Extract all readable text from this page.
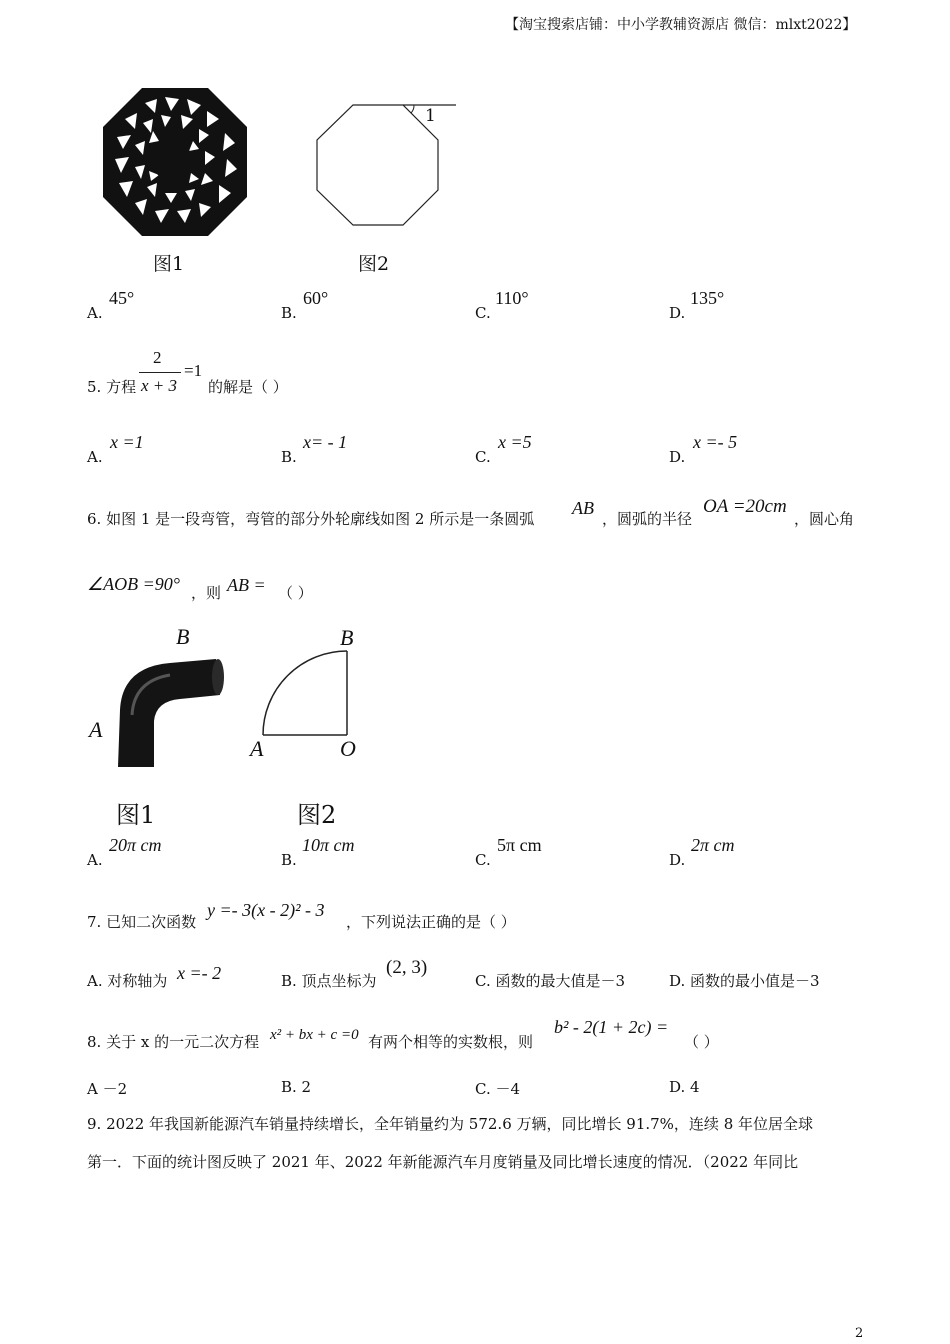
【淘宝搜索店铺：中小学教辅资源店 微信：mlxt2022】
图1
1
图2
A.
45°
B.
60°
C.
110°
D.
135°
5. 方程
2
x + 3
=1
的解是（ ）
A.
x =1
B.
x= - 1
C.
x =5
D.
x =- 5
6. 如图 1 是一段弯管，弯管的部分外轮廓线如图 2 所示是一条圆弧
AB
，圆弧的半径
OA =20cm
，圆心角
∠AOB =90° ，则 AB = （ ）
B
A
图1
B
A	O
图2
A.
20π cm
B.
10π cm
C.
5π cm
D.
2π cm
7. 已知二次函数
y =- 3(x - 2)² - 3
，下列说法正确的是（ ）
A. 对称轴为 x =- 2	B. 顶点坐标为
(2, 3)
C. 函数的最大值是－3	D. 函数的最小值是－3
8. 关于 x 的一元二次方程 x² + bx + c =0 有两个相等的实数根，则
b² - 2(1 + 2c) =
（ ）
A －2	B. 2	C. －4	D. 4
9. 2022 年我国新能源汽车销量持续增长，全年销量约为 572.6 万辆，同比增长 91.7%，连续 8 年位居全球
第一．下面的统计图反映了 2021 年、2022 年新能源汽车月度销量及同比增长速度的情况．（2022 年同比
2
